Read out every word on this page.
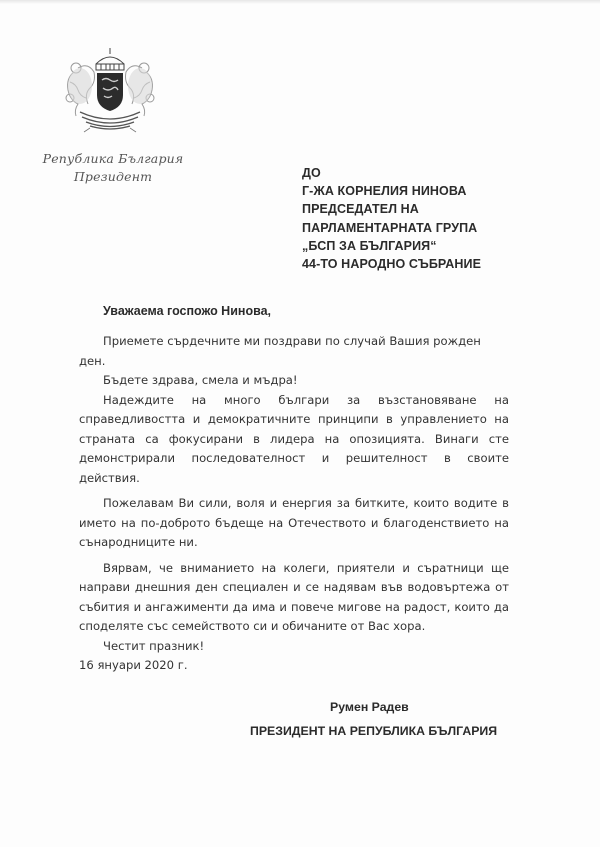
Република България
Президент	ДО
Г-ЖА КОРНЕЛИЯ НИНОВА
ПРЕДСЕДАТЕЛ НА
ПАРЛАМЕНТАРНАТА ГРУПА
„БСП ЗА БЪЛГАРИЯ“
44-ТО НАРОДНО СЪБРАНИЕ
Уважаема госпожо Нинова,

Приемете сърдечните ми поздрави по случай Вашия рожден ден.

Бъдете здрава, смела и мъдра!

Надеждите на много българи за възстановяване на справедливостта и демократичните принципи в управлението на страната са фокусирани в лидера на опозицията. Винаги сте демонстрирали последователност и решителност в своите действия.

Пожелавам Ви сили, воля и енергия за битките, които водите в името на по-доброто бъдеще на Отечеството и благоденствието на сънародниците ни.

Вярвам, че вниманието на колеги, приятели и съратници ще направи днешния ден специален и се надявам във водовъртежа от събития и ангажименти да има и повече мигове на радост, които да споделяте със семейството си и обичаните от Вас хора.

Честит празник!

16 януари 2020 г.

Румен Радев
ПРЕЗИДЕНТ НА РЕПУБЛИКА БЪЛГАРИЯ
